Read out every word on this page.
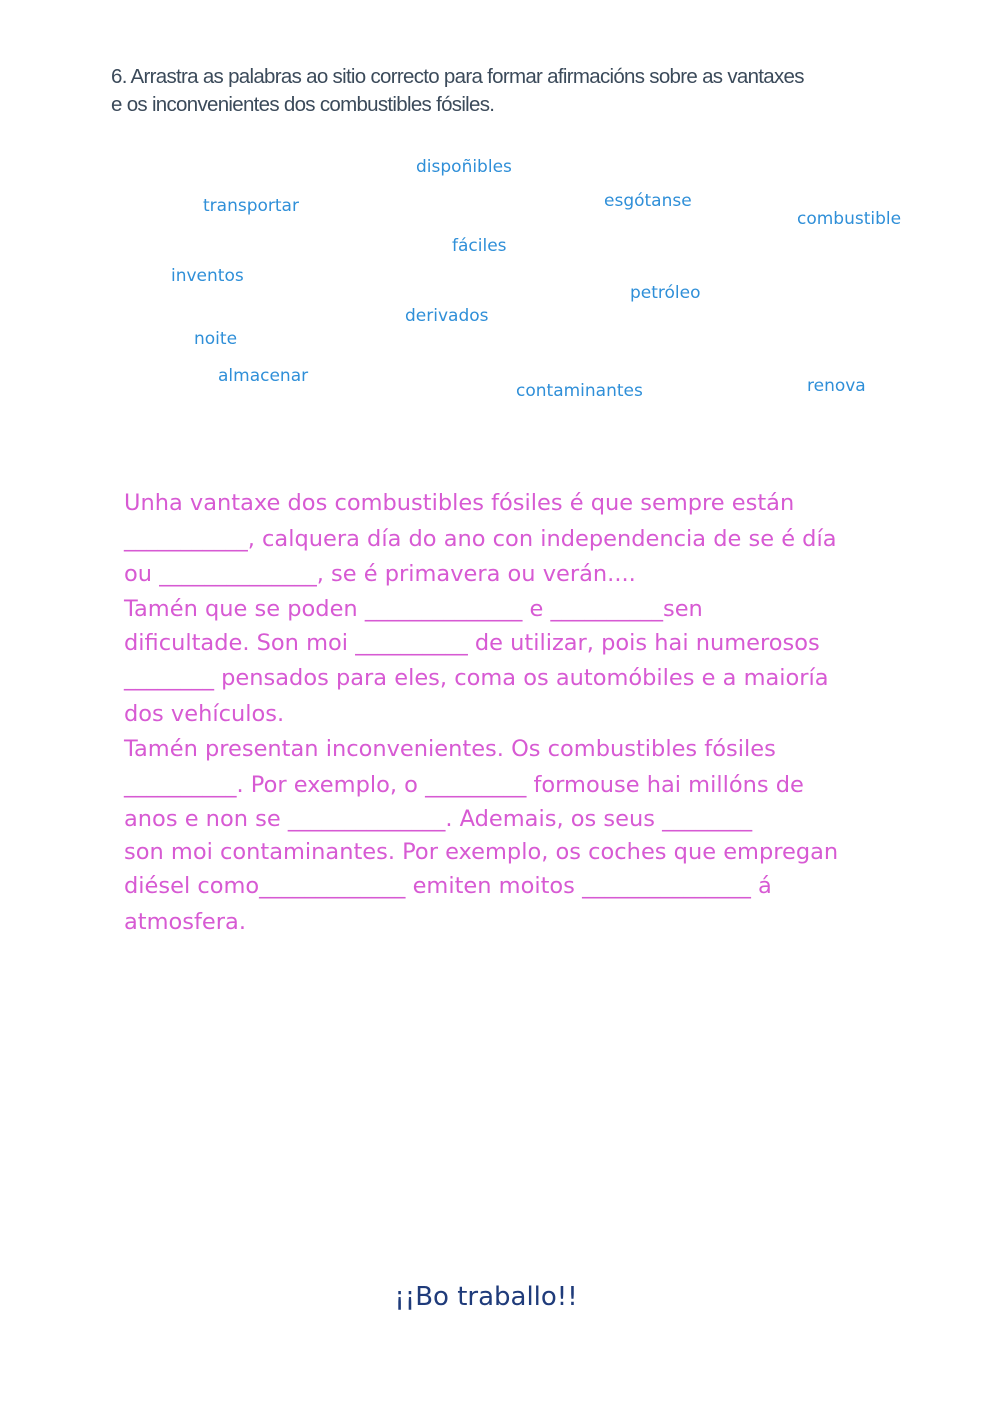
6. Arrastra as palabras ao sitio correcto para formar afirmacións sobre as vantaxes
e os inconvenientes dos combustibles fósiles.
dispoñibles
transportar	esgótanse
combustible
fáciles
inventos
petróleo
derivados
noite
almacenar
contaminantes	renova
Unha vantaxe dos combustibles fósiles é que sempre están
___________, calquera día do ano con independencia de se é día
ou ______________, se é primavera ou verán....
Tamén que se poden ______________ e __________sen
dificultade. Son moi __________ de utilizar, pois hai numerosos
________ pensados para eles, coma os automóbiles e a maioría
dos vehículos.
Tamén presentan inconvenientes. Os combustibles fósiles
__________. Por exemplo, o _________ formouse hai millóns de
anos e non se ______________. Ademais, os seus ________
son moi contaminantes. Por exemplo, os coches que empregan
diésel como_____________ emiten moitos _______________ á
atmosfera.
¡¡Bo traballo!!
